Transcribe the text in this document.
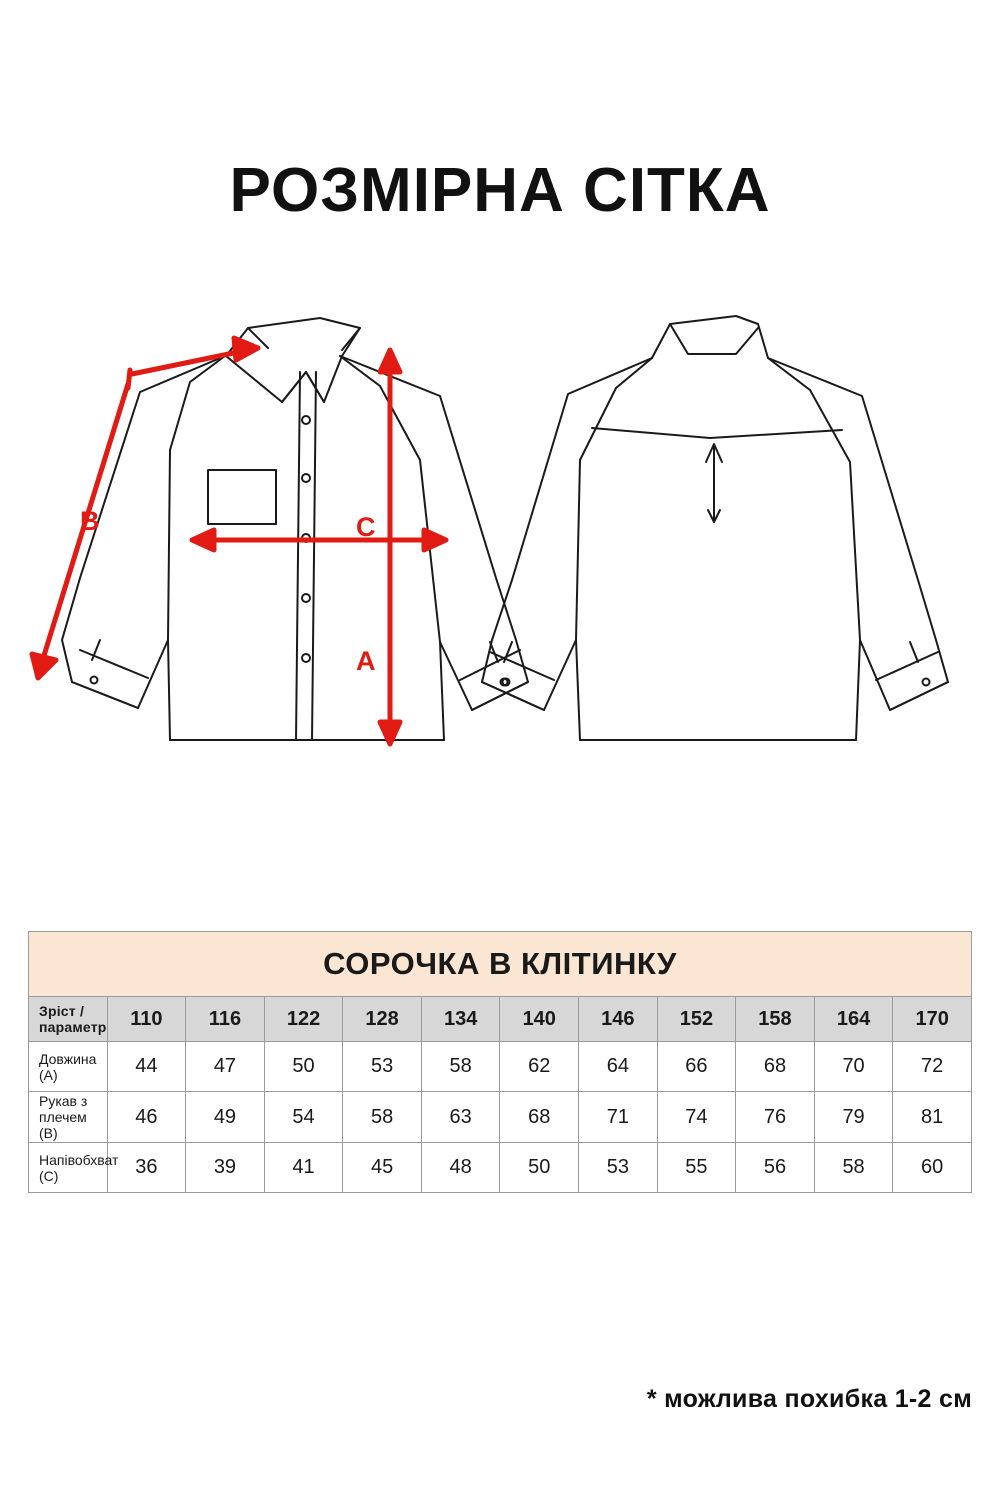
РОЗМІРНА СІТКА
B	C
A
СОРОЧКА В КЛІТИНКУ											
Зріст / параметр	110	116	122	128	134	140	146	152	158	164	170
Довжина (A)	44	47	50	53	58	62	64	66	68	70	72
Рукав з плечем (B)	46	49	54	58	63	68	71	74	76	79	81
Напівобхват (C)	36	39	41	45	48	50	53	55	56	58	60
* можлива похибка 1-2 см
